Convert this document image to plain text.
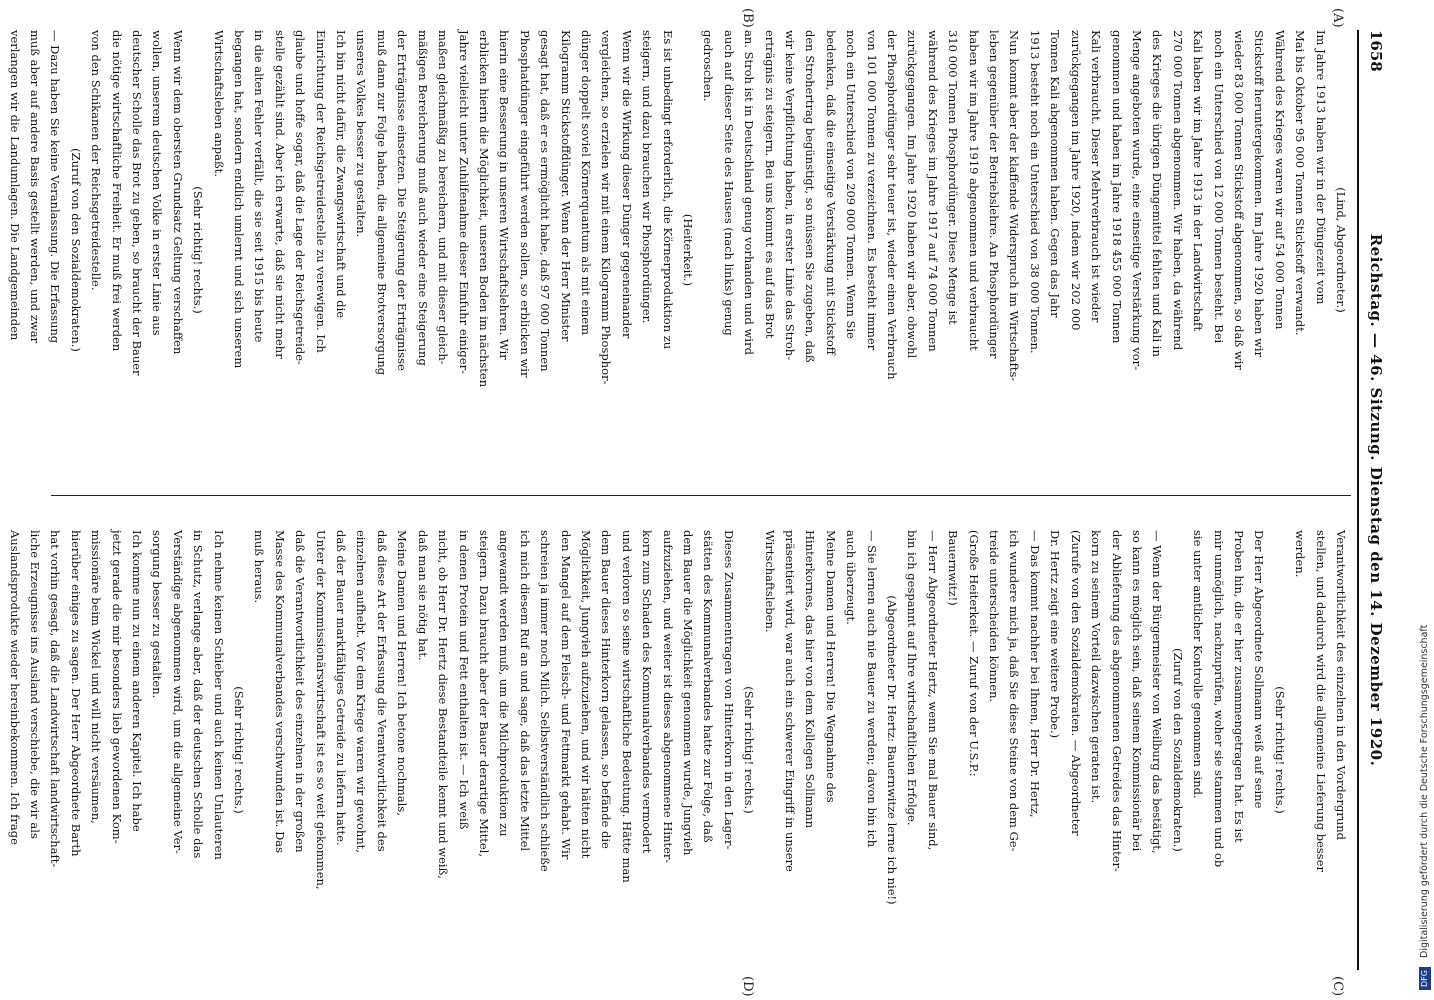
1658
Reichstag. — 46. Sitzung. Dienstag den 14. Dezember 1920.
(A)
(B)
(C)
(D)
(Lind, Abgeordneter.)
Im Jahre 1913 haben wir in der Düngezeit vom
Mai bis Oktober 95 000 Tonnen Stickstoff verwandt.
Während des Krieges waren wir auf 54 000 Tonnen
Stickstoff heruntergekommen. Im Jahre 1920 haben wir
wieder 83 000 Tonnen Stickstoff abgenommen, so daß wir
noch ein Unterschied von 12 000 Tonnen besteht. Bei
Kali haben wir im Jahre 1913 in der Landwirtschaft
270 000 Tonnen abgenommen. Wir haben, da während
des Krieges die übrigen Düngemittel fehlten und Kali in
Menge angeboten wurde, eine einseitige Verstärkung vor-
genommen und haben im Jahre 1918 455 000 Tonnen
Kali verbraucht. Dieser Mehrverbrauch ist wieder
zurückgegangen im Jahre 1920, indem wir 202 000
Tonnen Kali abgenommen haben. Gegen das Jahr
1913 besteht noch ein Unterschied von 38 000 Tonnen.
Nun kommt aber der klaffende Widerspruch im Wirtschafts-
leben gegenüber der Betriebslehre. An Phosphordünger
haben wir im Jahre 1919 abgenommen und verbraucht
310 000 Tonnen Phosphordünger. Diese Menge ist
während des Krieges im Jahre 1917 auf 74 000 Tonnen
zurückgegangen. Im Jahre 1920 haben wir aber, obwohl
der Phosphordünger sehr teuer ist, wieder einen Verbrauch
von 101 000 Tonnen zu verzeichnen. Es besteht immer
noch ein Unterschied von 209 000 Tonnen. Wenn Sie
bedenken, daß die einseitige Verstärkung mit Stickstoff
den Strohertrag begünstigt, so müssen Sie zugeben, daß
wir keine Verpflichtung haben, in erster Linie das Stroh-
erträgnis zu steigern. Bei uns kommt es auf das Brot
an. Stroh ist in Deutschland genug vorhanden und wird
auch auf dieser Seite des Hauses (nach links) genug
gedroschen.
(Heiterkeit.)
Es ist unbedingt erforderlich, die Körnerproduktion zu
steigern, und dazu brauchen wir Phosphordünger.
Wenn wir die Wirkung dieser Dünger gegeneinander
vergleichen, so erzielen wir mit einem Kilogramm Phosphor-
dünger doppelt soviel Körnerquantum als mit einem
Kilogramm Stickstoffdünger. Wenn der Herr Minister
gesagt hat, daß er es ermöglicht habe, daß 97 000 Tonnen
Phosphatdünger eingeführt werden sollen, so erblicken wir
hierin eine Besserung in unseren Wirtschaftslehren. Wir
erblicken hierin die Möglichkeit, unseren Boden im nächsten
Jahre vielleicht unter Zuhilfenahme dieser Einfuhr einiger-
maßen gleichmäßig zu bereichern, und mit dieser gleich-
mäßigen Bereicherung muß auch wieder eine Steigerung
der Erträgnisse einsetzen. Die Steigerung der Erträgnisse
muß dann zur Folge haben, die allgemeine Brotversorgung
unseres Volkes besser zu gestalten.
Ich bin nicht dafür, die Zwangswirtschaft und die
Einrichtung der Reichsgetreidestelle zu verewigen. Ich
glaube und hoffe sogar, daß die Lage der Reichsgetreide-
stelle gezählt sind. Aber ich erwarte, daß sie nicht mehr
in die alten Fehler verfällt, die sie seit 1915 bis heute
begangen hat, sondern endlich umlernt und sich unserem
Wirtschaftsleben anpaßt.
(Sehr richtig! rechts.)
Wenn wir dem obersten Grundsatz Geltung verschaffen
wollen, unserem deutschen Volke in erster Linie aus
deutscher Scholle das Brot zu geben, so braucht der Bauer
die nötige wirtschaftliche Freiheit. Er muß frei werden
von den Schikanen der Reichsgetreidestelle.
(Zuruf von den Sozialdemokraten.)
— Dazu haben Sie keine Veranlassung. Die Erfassung
muß aber auf andere Basis gestellt werden, und zwar
verlangen wir die Landumlagen. Die Landgemeinden
Verantwortlichkeit des einzelnen in den Vordergrund
stellen, und dadurch wird die allgemeine Lieferung besser
werden.
(Sehr richtig! rechts.)
Der Herr Abgeordnete Sollmann weiß auf seine
Proben hin, die er hier zusammengetragen hat. Es ist
mir unmöglich, nachzuprüfen, woher sie stammen und ob
sie unter amtlicher Kontrolle genommen sind.
(Zuruf von den Sozialdemokraten.)
— Wenn der Bürgermeister von Weilburg das bestätigt,
so kann es möglich sein, daß seinem Kommissionär bei
der Ablieferung des abgenommenen Getreides das Hinter-
korn zu seinem Vorteil dazwischen geraten ist.
(Zurufe von den Sozialdemokraten. — Abgeordneter
Dr. Hertz zeigt eine weitere Probe.)
— Das kommt nachher bei Ihnen, Herr Dr. Hertz,
ich wundere mich ja, daß Sie diese Steine von dem Ge-
treide unterscheiden können.
(Große Heiterkeit. — Zuruf von der U.S.P.:
Bauernwitz!)
— Herr Abgeordneter Hertz, wenn Sie mal Bauer sind,
bin ich gespannt auf Ihre wirtschaftlichen Erfolge.
(Abgeordneter Dr. Hertz: Bauernwitze lerne ich nie!)
— Sie lernen auch nie Bauer zu werden; davon bin ich
auch überzeugt.
Meine Damen und Herren! Die Wegnahme des
Hinterkornes, das hier von dem Kollegen Sollmann
präsentiert wird, war auch ein schwerer Eingriff in unsere
Wirtschaftsleben.
(Sehr richtig! rechts.)
Dieses Zusammentragen von Hinterkorn in den Lager-
stätten des Kommunalverbandes hatte zur Folge, daß
dem Bauer die Möglichkeit genommen wurde, Jungvieh
aufzuziehen, und weiter ist dieses abgenommene Hinter-
korn zum Schaden des Kommunalverbandes vermodert
und verloren so seine wirtschaftliche Bedeutung. Hätte man
dem Bauer dieses Hinterkorn gelassen, so befände die
Möglichkeit, Jungvieh aufzuziehen, und wir hätten nicht
den Mangel auf dem Fleisch- und Fettmarkt gehabt. Wir
schreien ja immer noch Milch. Selbstverständlich schließe
ich mich diesem Ruf an und sage, daß das letzte Mittel
angewandt werden muß, um die Milchproduktion zu
steigern. Dazu braucht aber der Bauer derartige Mittel,
in denen Protein und Fett enthalten ist. — Ich weiß
nicht, ob Herr Dr. Hertz diese Bestandteile kennt und weiß,
daß man sie nötig hat.
Meine Damen und Herren! Ich betone nochmals,
daß diese Art der Erfassung die Verantwortlichkeit des
einzelnen aufhebt. Vor dem Kriege waren wir gewohnt,
daß der Bauer marktfähiges Getreide zu liefern hatte.
Unter der Kommissionärswirtschaft ist es so weit gekommen,
daß die Verantwortlichkeit des einzelnen in der großen
Masse des Kommunalverbandes verschwunden ist. Das
muß heraus.
(Sehr richtig! rechts.)
Ich nehme keinen Schieber und auch keinen Unlauteren
in Schutz, verlange aber, daß der deutschen Scholle das
Verständige abgenommen wird, um die allgemeine Ver-
sorgung besser zu gestalten.
Ich komme nun zu einem anderen Kapitel. Ich habe
jetzt gerade die mir besonders lieb gewordenen Kom-
missionäre beim Wickel und will nicht versäumen,
hierüber einiges zu sagen. Der Herr Abgeordnete Barth
hat vorhin gesagt, daß die Landwirtschaft landwirtschaft-
liche Erzeugnisse ins Ausland verschiebe, die wir als
Auslandsprodukte wieder hereinbekommen. Ich frage
DFG Digitalisierung gefördert durch die Deutsche Forschungsgemeinschaft
